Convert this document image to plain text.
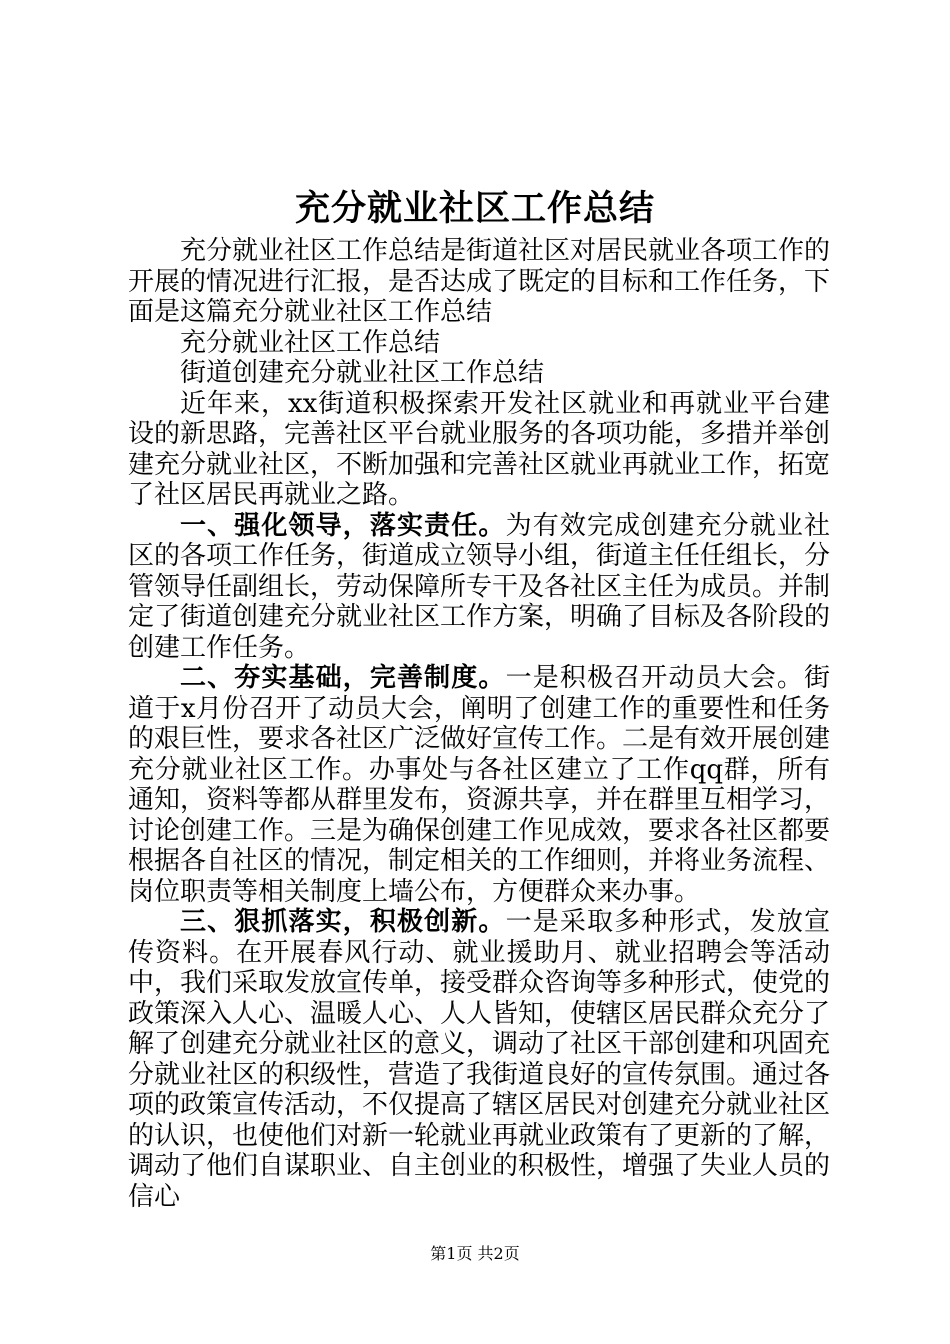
充分就业社区工作总结

充分就业社区工作总结是街道社区对居民就业各项工作的开展的情况进行汇报，是否达成了既定的目标和工作任务，下面是这篇充分就业社区工作总结

充分就业社区工作总结

街道创建充分就业社区工作总结

近年来，xx街道积极探索开发社区就业和再就业平台建设的新思路，完善社区平台就业服务的各项功能，多措并举创建充分就业社区，不断加强和完善社区就业再就业工作，拓宽了社区居民再就业之路。

一、强化领导，落实责任。为有效完成创建充分就业社区的各项工作任务，街道成立领导小组，街道主任任组长，分管领导任副组长，劳动保障所专干及各社区主任为成员。并制定了街道创建充分就业社区工作方案，明确了目标及各阶段的创建工作任务。

二、夯实基础，完善制度。一是积极召开动员大会。街道于x月份召开了动员大会，阐明了创建工作的重要性和任务的艰巨性，要求各社区广泛做好宣传工作。二是有效开展创建充分就业社区工作。办事处与各社区建立了工作qq群，所有通知，资料等都从群里发布，资源共享，并在群里互相学习，讨论创建工作。三是为确保创建工作见成效，要求各社区都要根据各自社区的情况，制定相关的工作细则，并将业务流程、岗位职责等相关制度上墙公布，方便群众来办事。

三、狠抓落实，积极创新。一是采取多种形式，发放宣传资料。在开展春风行动、就业援助月、就业招聘会等活动中，我们采取发放宣传单，接受群众咨询等多种形式，使党的政策深入人心、温暖人心、人人皆知，使辖区居民群众充分了解了创建充分就业社区的意义，调动了社区干部创建和巩固充分就业社区的积级性，营造了我街道良好的宣传氛围。通过各项的政策宣传活动，不仅提高了辖区居民对创建充分就业社区的认识，也使他们对新一轮就业再就业政策有了更新的了解，调动了他们自谋职业、自主创业的积极性，增强了失业人员的信心

第1页 共2页
